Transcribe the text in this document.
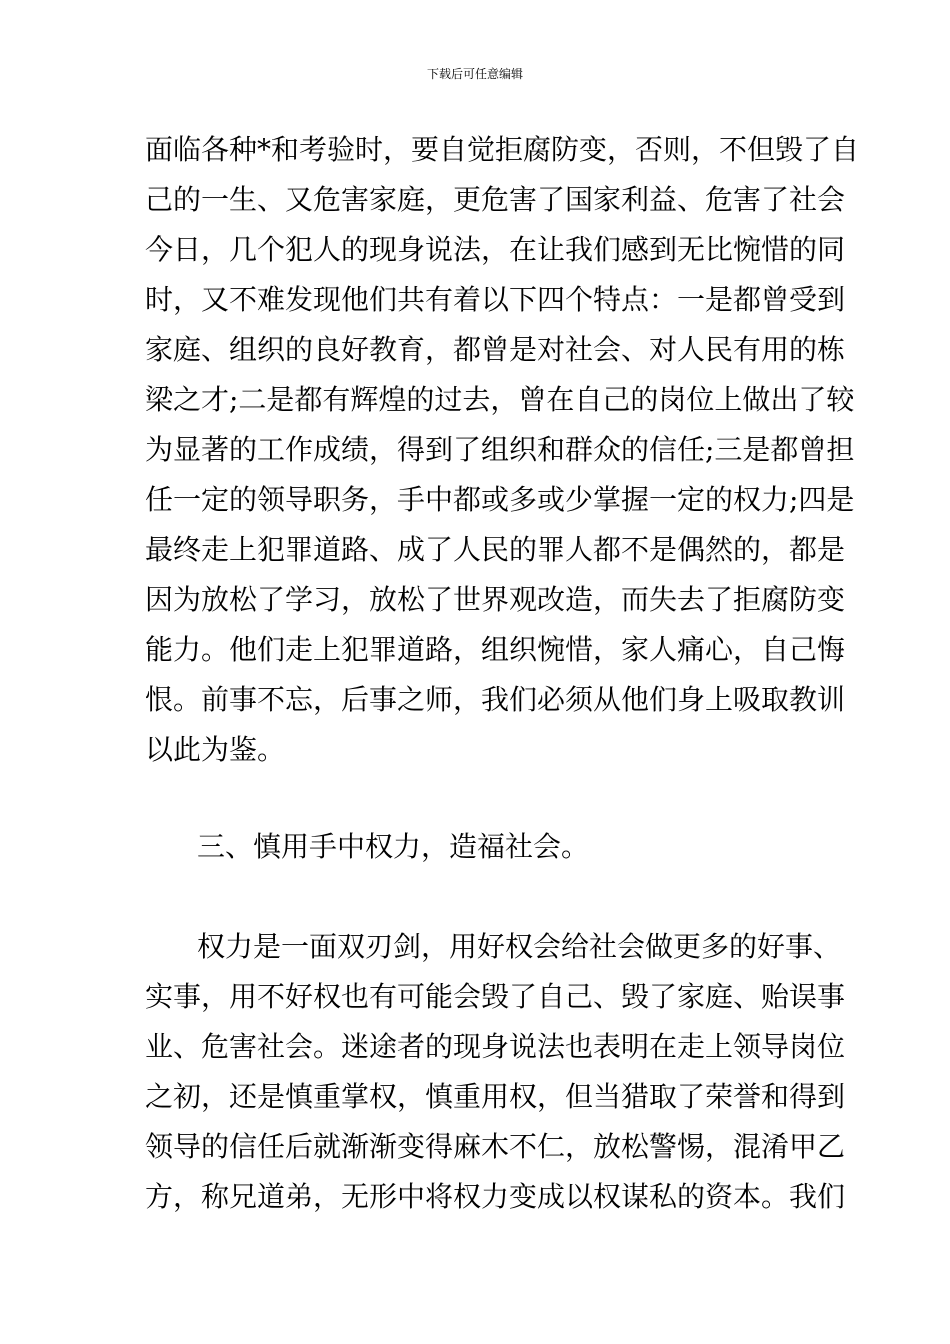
下载后可任意编辑
面临各种*和考验时，要自觉拒腐防变，否则，不但毁了自
己的一生、又危害家庭，更危害了国家利益、危害了社会
今日，几个犯人的现身说法，在让我们感到无比惋惜的同
时，又不难发现他们共有着以下四个特点：一是都曾受到
家庭、组织的良好教育，都曾是对社会、对人民有用的栋
梁之才;二是都有辉煌的过去，曾在自己的岗位上做出了较
为显著的工作成绩，得到了组织和群众的信任;三是都曾担
任一定的领导职务，手中都或多或少掌握一定的权力;四是
最终走上犯罪道路、成了人民的罪人都不是偶然的，都是
因为放松了学习，放松了世界观改造，而失去了拒腐防变
能力。他们走上犯罪道路，组织惋惜，家人痛心，自己悔
恨。前事不忘，后事之师，我们必须从他们身上吸取教训
以此为鉴。
三、慎用手中权力，造福社会。
权力是一面双刃剑，用好权会给社会做更多的好事、
实事，用不好权也有可能会毁了自己、毁了家庭、贻误事
业、危害社会。迷途者的现身说法也表明在走上领导岗位
之初，还是慎重掌权，慎重用权，但当猎取了荣誉和得到
领导的信任后就渐渐变得麻木不仁，放松警惕，混淆甲乙
方，称兄道弟，无形中将权力变成以权谋私的资本。我们
